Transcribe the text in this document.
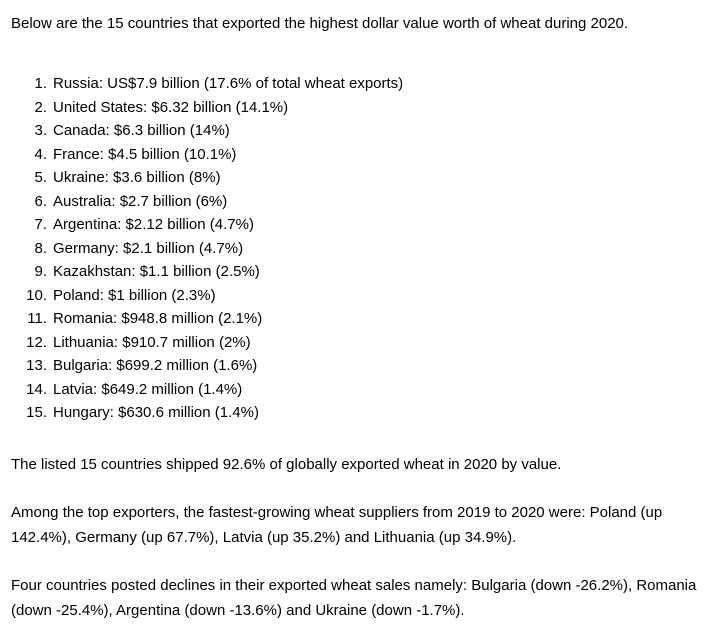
Below are the 15 countries that exported the highest dollar value worth of wheat during 2020.

1. Russia: US$7.9 billion (17.6% of total wheat exports)
2. United States: $6.32 billion (14.1%)
3. Canada: $6.3 billion (14%)
4. France: $4.5 billion (10.1%)
5. Ukraine: $3.6 billion (8%)
6. Australia: $2.7 billion (6%)
7. Argentina: $2.12 billion (4.7%)
8. Germany: $2.1 billion (4.7%)
9. Kazakhstan: $1.1 billion (2.5%)
10. Poland: $1 billion (2.3%)
11. Romania: $948.8 million (2.1%)
12. Lithuania: $910.7 million (2%)
13. Bulgaria: $699.2 million (1.6%)
14. Latvia: $649.2 million (1.4%)
15. Hungary: $630.6 million (1.4%)

The listed 15 countries shipped 92.6% of globally exported wheat in 2020 by value.

Among the top exporters, the fastest-growing wheat suppliers from 2019 to 2020 were: Poland (up 142.4%), Germany (up 67.7%), Latvia (up 35.2%) and Lithuania (up 34.9%).

Four countries posted declines in their exported wheat sales namely: Bulgaria (down -26.2%), Romania (down -25.4%), Argentina (down -13.6%) and Ukraine (down -1.7%).
